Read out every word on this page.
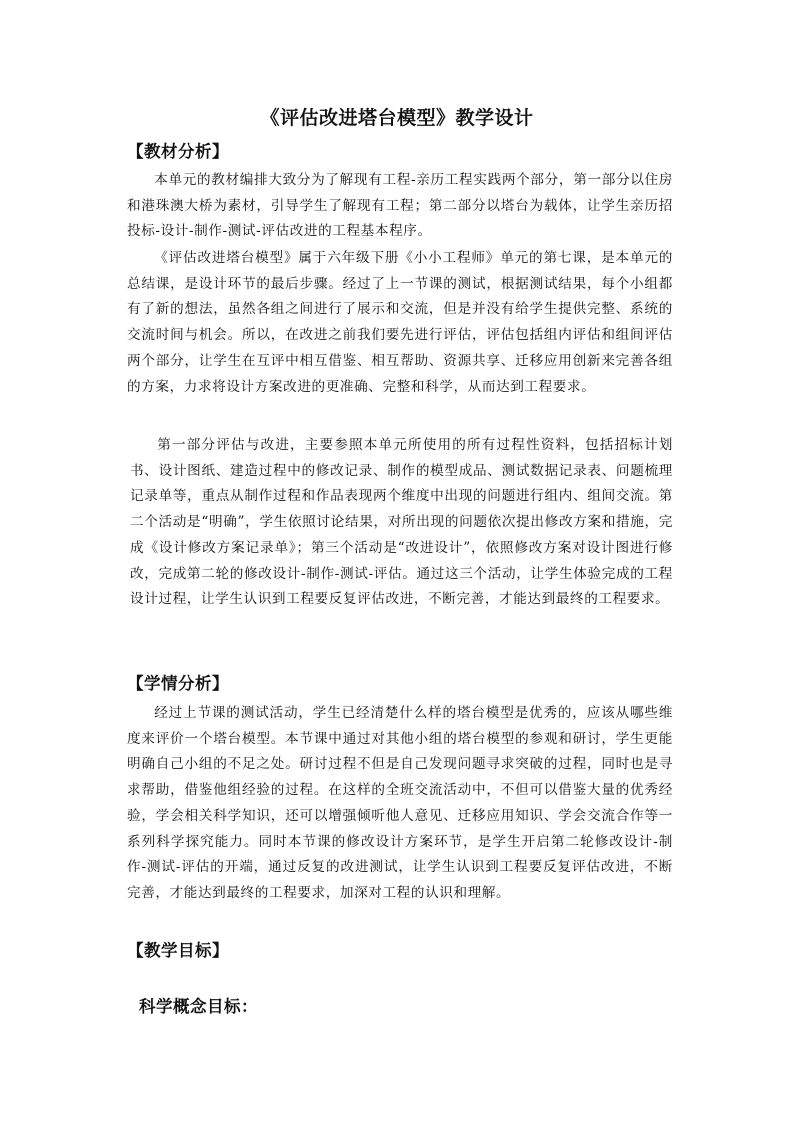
《评估改进塔台模型》教学设计
【教材分析】
本单元的教材编排大致分为了解现有工程-亲历工程实践两个部分，第一部分以住房和港珠澳大桥为素材，引导学生了解现有工程；第二部分以塔台为载体，让学生亲历招投标-设计-制作-测试-评估改进的工程基本程序。
《评估改进塔台模型》属于六年级下册《小小工程师》单元的第七课，是本单元的总结课，是设计环节的最后步骤。经过了上一节课的测试，根据测试结果，每个小组都有了新的想法，虽然各组之间进行了展示和交流，但是并没有给学生提供完整、系统的交流时间与机会。所以，在改进之前我们要先进行评估，评估包括组内评估和组间评估两个部分，让学生在互评中相互借鉴、相互帮助、资源共享、迁移应用创新来完善各组的方案，力求将设计方案改进的更准确、完整和科学，从而达到工程要求。
第一部分评估与改进，主要参照本单元所使用的所有过程性资料，包括招标计划书、设计图纸、建造过程中的修改记录、制作的模型成品、测试数据记录表、问题梳理记录单等，重点从制作过程和作品表现两个维度中出现的问题进行组内、组间交流。第二个活动是“明确”，学生依照讨论结果，对所出现的问题依次提出修改方案和措施，完成《设计修改方案记录单》；第三个活动是“改进设计”，依照修改方案对设计图进行修改，完成第二轮的修改设计-制作-测试-评估。通过这三个活动，让学生体验完成的工程设计过程，让学生认识到工程要反复评估改进，不断完善，才能达到最终的工程要求。
【学情分析】
经过上节课的测试活动，学生已经清楚什么样的塔台模型是优秀的，应该从哪些维度来评价一个塔台模型。本节课中通过对其他小组的塔台模型的参观和研讨，学生更能明确自己小组的不足之处。研讨过程不但是自己发现问题寻求突破的过程，同时也是寻求帮助，借鉴他组经验的过程。在这样的全班交流活动中，不但可以借鉴大量的优秀经验，学会相关科学知识，还可以增强倾听他人意见、迁移应用知识、学会交流合作等一系列科学探究能力。同时本节课的修改设计方案环节，是学生开启第二轮修改设计-制作-测试-评估的开端，通过反复的改进测试，让学生认识到工程要反复评估改进，不断完善，才能达到最终的工程要求，加深对工程的认识和理解。
【教学目标】
科学概念目标：
